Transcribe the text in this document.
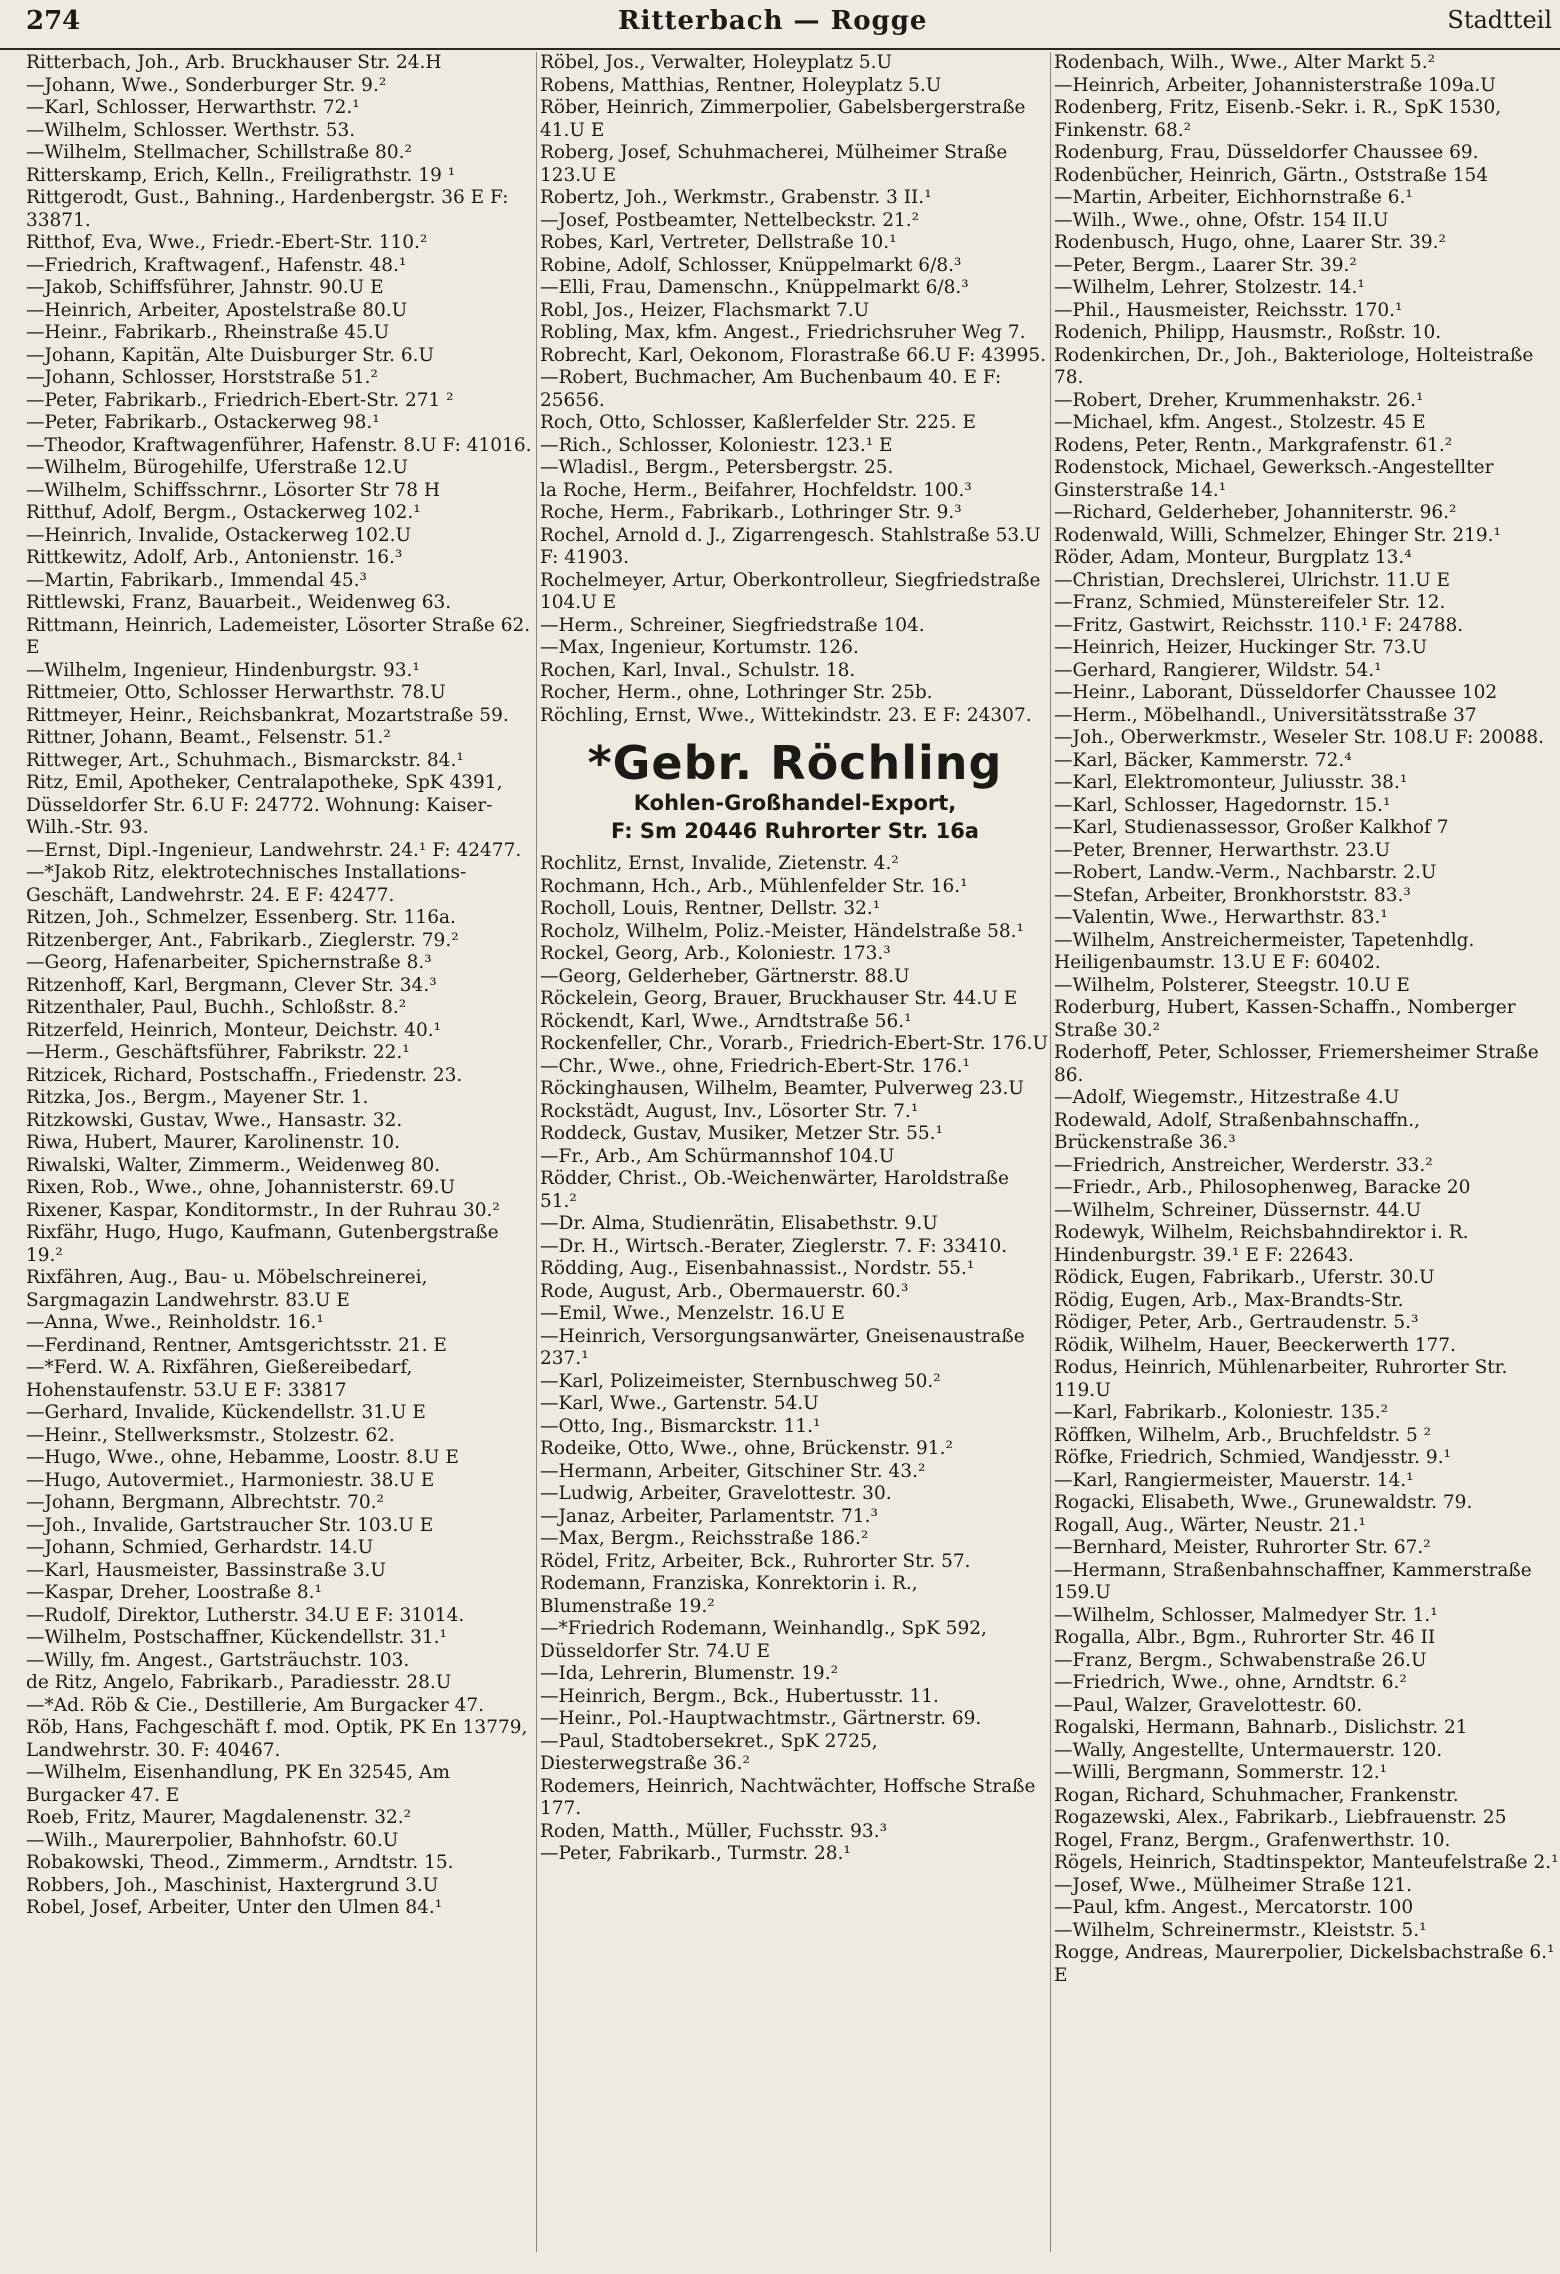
274	Ritterbach — Rogge	Stadtteil

Ritterbach, Joh., Arb. Bruckhauser Str. 24.H

—Johann, Wwe., Sonderburger Str. 9.²

—Karl, Schlosser, Herwarthstr. 72.¹

—Wilhelm, Schlosser. Werthstr. 53.

—Wilhelm, Stellmacher, Schillstraße 80.²

Ritterskamp, Erich, Kelln., Freiligrathstr. 19 ¹

Rittgerodt, Gust., Bahning., Hardenbergstr. 36 E F: 33871.

Ritthof, Eva, Wwe., Friedr.-Ebert-Str. 110.²

—Friedrich, Kraftwagenf., Hafenstr. 48.¹

—Jakob, Schiffsführer, Jahnstr. 90.U E

—Heinrich, Arbeiter, Apostelstraße 80.U

—Heinr., Fabrikarb., Rheinstraße 45.U

—Johann, Kapitän, Alte Duisburger Str. 6.U

—Johann, Schlosser, Horststraße 51.²

—Peter, Fabrikarb., Friedrich-Ebert-Str. 271 ²

—Peter, Fabrikarb., Ostackerweg 98.¹

—Theodor, Kraftwagenführer, Hafenstr. 8.U F: 41016.

—Wilhelm, Bürogehilfe, Uferstraße 12.U

—Wilhelm, Schiffsschrnr., Lösorter Str 78 H

Ritthuf, Adolf, Bergm., Ostackerweg 102.¹

—Heinrich, Invalide, Ostackerweg 102.U

Rittkewitz, Adolf, Arb., Antonienstr. 16.³

—Martin, Fabrikarb., Immendal 45.³

Rittlewski, Franz, Bauarbeit., Weidenweg 63.

Rittmann, Heinrich, Lademeister, Lösorter Straße 62. E

—Wilhelm, Ingenieur, Hindenburgstr. 93.¹

Rittmeier, Otto, Schlosser Herwarthstr. 78.U

Rittmeyer, Heinr., Reichsbankrat, Mozartstraße 59.

Rittner, Johann, Beamt., Felsenstr. 51.²

Rittweger, Art., Schuhmach., Bismarckstr. 84.¹

Ritz, Emil, Apotheker, Centralapotheke, SpK 4391, Düsseldorfer Str. 6.U F: 24772. Wohnung: Kaiser-Wilh.-Str. 93.

—Ernst, Dipl.-Ingenieur, Landwehrstr. 24.¹ F: 42477.

—*Jakob Ritz, elektrotechnisches Installations-Geschäft, Landwehrstr. 24. E F: 42477.

Ritzen, Joh., Schmelzer, Essenberg. Str. 116a.

Ritzenberger, Ant., Fabrikarb., Zieglerstr. 79.²

—Georg, Hafenarbeiter, Spichernstraße 8.³

Ritzenhoff, Karl, Bergmann, Clever Str. 34.³

Ritzenthaler, Paul, Buchh., Schloßstr. 8.²

Ritzerfeld, Heinrich, Monteur, Deichstr. 40.¹

—Herm., Geschäftsführer, Fabrikstr. 22.¹

Ritzicek, Richard, Postschaffn., Friedenstr. 23.

Ritzka, Jos., Bergm., Mayener Str. 1.

Ritzkowski, Gustav, Wwe., Hansastr. 32.

Riwa, Hubert, Maurer, Karolinenstr. 10.

Riwalski, Walter, Zimmerm., Weidenweg 80.

Rixen, Rob., Wwe., ohne, Johannisterstr. 69.U

Rixener, Kaspar, Konditormstr., In der Ruhrau 30.²

Rixfähr, Hugo, Hugo, Kaufmann, Gutenbergstraße 19.²

Rixfähren, Aug., Bau- u. Möbelschreinerei, Sargmagazin Landwehrstr. 83.U E

—Anna, Wwe., Reinholdstr. 16.¹

—Ferdinand, Rentner, Amtsgerichtsstr. 21. E

—*Ferd. W. A. Rixfähren, Gießereibedarf, Hohenstaufenstr. 53.U E F: 33817

—Gerhard, Invalide, Kückendellstr. 31.U E

—Heinr., Stellwerksmstr., Stolzestr. 62.

—Hugo, Wwe., ohne, Hebamme, Loostr. 8.U E

—Hugo, Autovermiet., Harmoniestr. 38.U E

—Johann, Bergmann, Albrechtstr. 70.²

—Joh., Invalide, Gartstraucher Str. 103.U E

—Johann, Schmied, Gerhardstr. 14.U

—Karl, Hausmeister, Bassinstraße 3.U

—Kaspar, Dreher, Loostraße 8.¹

—Rudolf, Direktor, Lutherstr. 34.U E F: 31014.

—Wilhelm, Postschaffner, Kückendellstr. 31.¹

—Willy, fm. Angest., Gartsträuchstr. 103.

de Ritz, Angelo, Fabrikarb., Paradiesstr. 28.U

—*Ad. Röb & Cie., Destillerie, Am Burgacker 47.

Röb, Hans, Fachgeschäft f. mod. Optik, PK En 13779, Landwehrstr. 30. F: 40467.

—Wilhelm, Eisenhandlung, PK En 32545, Am Burgacker 47. E

Roeb, Fritz, Maurer, Magdalenenstr. 32.²

—Wilh., Maurerpolier, Bahnhofstr. 60.U

Robakowski, Theod., Zimmerm., Arndtstr. 15.

Robbers, Joh., Maschinist, Haxtergrund 3.U

Robel, Josef, Arbeiter, Unter den Ulmen 84.¹

Röbel, Jos., Verwalter, Holeyplatz 5.U

Robens, Matthias, Rentner, Holeyplatz 5.U

Röber, Heinrich, Zimmerpolier, Gabelsbergerstraße 41.U E

Roberg, Josef, Schuhmacherei, Mülheimer Straße 123.U E

Robertz, Joh., Werkmstr., Grabenstr. 3 II.¹

—Josef, Postbeamter, Nettelbeckstr. 21.²

Robes, Karl, Vertreter, Dellstraße 10.¹

Robine, Adolf, Schlosser, Knüppelmarkt 6/8.³

—Elli, Frau, Damenschn., Knüppelmarkt 6/8.³

Robl, Jos., Heizer, Flachsmarkt 7.U

Robling, Max, kfm. Angest., Friedrichsruher Weg 7.

Robrecht, Karl, Oekonom, Florastraße 66.U F: 43995.

—Robert, Buchmacher, Am Buchenbaum 40. E F: 25656.

Roch, Otto, Schlosser, Kaßlerfelder Str. 225. E

—Rich., Schlosser, Koloniestr. 123.¹ E

—Wladisl., Bergm., Petersbergstr. 25.

la Roche, Herm., Beifahrer, Hochfeldstr. 100.³

Roche, Herm., Fabrikarb., Lothringer Str. 9.³

Rochel, Arnold d. J., Zigarrengesch. Stahlstraße 53.U F: 41903.

Rochelmeyer, Artur, Oberkontrolleur, Siegfriedstraße 104.U E

—Herm., Schreiner, Siegfriedstraße 104.

—Max, Ingenieur, Kortumstr. 126.

Rochen, Karl, Inval., Schulstr. 18.

Rocher, Herm., ohne, Lothringer Str. 25b.

Röchling, Ernst, Wwe., Wittekindstr. 23. E F: 24307.

*Gebr. Röchling
Kohlen-Großhandel-Export,
F: Sm 20446 Ruhrorter Str. 16a

Rochlitz, Ernst, Invalide, Zietenstr. 4.²

Rochmann, Hch., Arb., Mühlenfelder Str. 16.¹

Rocholl, Louis, Rentner, Dellstr. 32.¹

Rocholz, Wilhelm, Poliz.-Meister, Händelstraße 58.¹

Rockel, Georg, Arb., Koloniestr. 173.³

—Georg, Gelderheber, Gärtnerstr. 88.U

Röckelein, Georg, Brauer, Bruckhauser Str. 44.U E

Röckendt, Karl, Wwe., Arndtstraße 56.¹

Rockenfeller, Chr., Vorarb., Friedrich-Ebert-Str. 176.U

—Chr., Wwe., ohne, Friedrich-Ebert-Str. 176.¹

Röckinghausen, Wilhelm, Beamter, Pulverweg 23.U

Rockstädt, August, Inv., Lösorter Str. 7.¹

Roddeck, Gustav, Musiker, Metzer Str. 55.¹

—Fr., Arb., Am Schürmannshof 104.U

Rödder, Christ., Ob.-Weichenwärter, Haroldstraße 51.²

—Dr. Alma, Studienrätin, Elisabethstr. 9.U

—Dr. H., Wirtsch.-Berater, Zieglerstr. 7. F: 33410.

Rödding, Aug., Eisenbahnassist., Nordstr. 55.¹

Rode, August, Arb., Obermauerstr. 60.³

—Emil, Wwe., Menzelstr. 16.U E

—Heinrich, Versorgungsanwärter, Gneisenaustraße 237.¹

—Karl, Polizeimeister, Sternbuschweg 50.²

—Karl, Wwe., Gartenstr. 54.U

—Otto, Ing., Bismarckstr. 11.¹

Rodeike, Otto, Wwe., ohne, Brückenstr. 91.²

—Hermann, Arbeiter, Gitschiner Str. 43.²

—Ludwig, Arbeiter, Gravelottestr. 30.

—Janaz, Arbeiter, Parlamentstr. 71.³

—Max, Bergm., Reichsstraße 186.²

Rödel, Fritz, Arbeiter, Bck., Ruhrorter Str. 57.

Rodemann, Franziska, Konrektorin i. R., Blumenstraße 19.²

—*Friedrich Rodemann, Weinhandlg., SpK 592, Düsseldorfer Str. 74.U E

—Ida, Lehrerin, Blumenstr. 19.²

—Heinrich, Bergm., Bck., Hubertusstr. 11.

—Heinr., Pol.-Hauptwachtmstr., Gärtnerstr. 69.

—Paul, Stadtobersekret., SpK 2725, Diesterwegstraße 36.²

Rodemers, Heinrich, Nachtwächter, Hoffsche Straße 177.

Roden, Matth., Müller, Fuchsstr. 93.³

—Peter, Fabrikarb., Turmstr. 28.¹

Rodenbach, Wilh., Wwe., Alter Markt 5.²

—Heinrich, Arbeiter, Johannisterstraße 109a.U

Rodenberg, Fritz, Eisenb.-Sekr. i. R., SpK 1530, Finkenstr. 68.²

Rodenburg, Frau, Düsseldorfer Chaussee 69.

Rodenbücher, Heinrich, Gärtn., Oststraße 154

—Martin, Arbeiter, Eichhornstraße 6.¹

—Wilh., Wwe., ohne, Ofstr. 154 II.U

Rodenbusch, Hugo, ohne, Laarer Str. 39.²

—Peter, Bergm., Laarer Str. 39.²

—Wilhelm, Lehrer, Stolzestr. 14.¹

—Phil., Hausmeister, Reichsstr. 170.¹

Rodenich, Philipp, Hausmstr., Roßstr. 10.

Rodenkirchen, Dr., Joh., Bakteriologe, Holteistraße 78.

—Robert, Dreher, Krummenhakstr. 26.¹

—Michael, kfm. Angest., Stolzestr. 45 E

Rodens, Peter, Rentn., Markgrafenstr. 61.²

Rodenstock, Michael, Gewerksch.-Angestellter Ginsterstraße 14.¹

—Richard, Gelderheber, Johanniterstr. 96.²

Rodenwald, Willi, Schmelzer, Ehinger Str. 219.¹

Röder, Adam, Monteur, Burgplatz 13.⁴

—Christian, Drechslerei, Ulrichstr. 11.U E

—Franz, Schmied, Münstereifeler Str. 12.

—Fritz, Gastwirt, Reichsstr. 110.¹ F: 24788.

—Heinrich, Heizer, Huckinger Str. 73.U

—Gerhard, Rangierer, Wildstr. 54.¹

—Heinr., Laborant, Düsseldorfer Chaussee 102

—Herm., Möbelhandl., Universitätsstraße 37

—Joh., Oberwerkmstr., Weseler Str. 108.U F: 20088.

—Karl, Bäcker, Kammerstr. 72.⁴

—Karl, Elektromonteur, Juliusstr. 38.¹

—Karl, Schlosser, Hagedornstr. 15.¹

—Karl, Studienassessor, Großer Kalkhof 7

—Peter, Brenner, Herwarthstr. 23.U

—Robert, Landw.-Verm., Nachbarstr. 2.U

—Stefan, Arbeiter, Bronkhorststr. 83.³

—Valentin, Wwe., Herwarthstr. 83.¹

—Wilhelm, Anstreichermeister, Tapetenhdlg. Heiligenbaumstr. 13.U E F: 60402.

—Wilhelm, Polsterer, Steegstr. 10.U E

Roderburg, Hubert, Kassen-Schaffn., Nomberger Straße 30.²

Roderhoff, Peter, Schlosser, Friemersheimer Straße 86.

—Adolf, Wiegemstr., Hitzestraße 4.U

Rodewald, Adolf, Straßenbahnschaffn., Brückenstraße 36.³

—Friedrich, Anstreicher, Werderstr. 33.²

—Friedr., Arb., Philosophenweg, Baracke 20

—Wilhelm, Schreiner, Düssernstr. 44.U

Rodewyk, Wilhelm, Reichsbahndirektor i. R. Hindenburgstr. 39.¹ E F: 22643.

Rödick, Eugen, Fabrikarb., Uferstr. 30.U

Rödig, Eugen, Arb., Max-Brandts-Str.

Rödiger, Peter, Arb., Gertraudenstr. 5.³

Rödik, Wilhelm, Hauer, Beeckerwerth 177.

Rodus, Heinrich, Mühlenarbeiter, Ruhrorter Str. 119.U

—Karl, Fabrikarb., Koloniestr. 135.²

Röffken, Wilhelm, Arb., Bruchfeldstr. 5 ²

Röfke, Friedrich, Schmied, Wandjesstr. 9.¹

—Karl, Rangiermeister, Mauerstr. 14.¹

Rogacki, Elisabeth, Wwe., Grunewaldstr. 79.

Rogall, Aug., Wärter, Neustr. 21.¹

—Bernhard, Meister, Ruhrorter Str. 67.²

—Hermann, Straßenbahnschaffner, Kammerstraße 159.U

—Wilhelm, Schlosser, Malmedyer Str. 1.¹

Rogalla, Albr., Bgm., Ruhrorter Str. 46 II

—Franz, Bergm., Schwabenstraße 26.U

—Friedrich, Wwe., ohne, Arndtstr. 6.²

—Paul, Walzer, Gravelottestr. 60.

Rogalski, Hermann, Bahnarb., Dislichstr. 21

—Wally, Angestellte, Untermauerstr. 120.

—Willi, Bergmann, Sommerstr. 12.¹

Rogan, Richard, Schuhmacher, Frankenstr.

Rogazewski, Alex., Fabrikarb., Liebfrauenstr. 25

Rogel, Franz, Bergm., Grafenwerthstr. 10.

Rögels, Heinrich, Stadtinspektor, Manteufelstraße 2.¹

—Josef, Wwe., Mülheimer Straße 121.

—Paul, kfm. Angest., Mercatorstr. 100

—Wilhelm, Schreinermstr., Kleiststr. 5.¹

Rogge, Andreas, Maurerpolier, Dickelsbachstraße 6.¹ E
